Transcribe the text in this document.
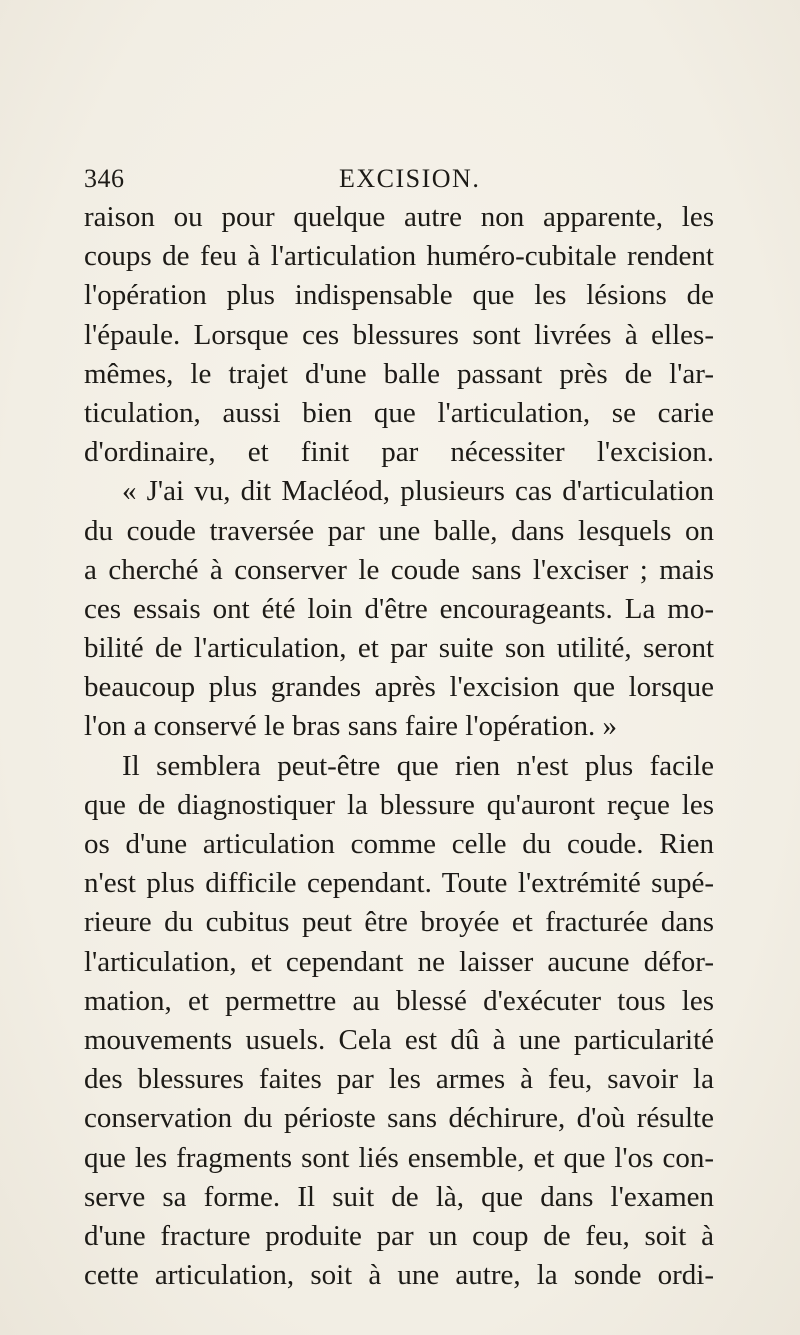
346	EXCISION.
raison ou pour quelque autre non apparente, les
coups de feu à l'articulation huméro-cubitale rendent
l'opération plus indispensable que les lésions de
l'épaule. Lorsque ces blessures sont livrées à elles-
mêmes, le trajet d'une balle passant près de l'ar-
ticulation, aussi bien que l'articulation, se carie
d'ordinaire, et finit par nécessiter l'excision.
« J'ai vu, dit Macléod, plusieurs cas d'articulation
du coude traversée par une balle, dans lesquels on
a cherché à conserver le coude sans l'exciser ; mais
ces essais ont été loin d'être encourageants. La mo-
bilité de l'articulation, et par suite son utilité, seront
beaucoup plus grandes après l'excision que lorsque
l'on a conservé le bras sans faire l'opération. »
Il semblera peut-être que rien n'est plus facile
que de diagnostiquer la blessure qu'auront reçue les
os d'une articulation comme celle du coude. Rien
n'est plus difficile cependant. Toute l'extrémité supé-
rieure du cubitus peut être broyée et fracturée dans
l'articulation, et cependant ne laisser aucune défor-
mation, et permettre au blessé d'exécuter tous les
mouvements usuels. Cela est dû à une particularité
des blessures faites par les armes à feu, savoir la
conservation du périoste sans déchirure, d'où résulte
que les fragments sont liés ensemble, et que l'os con-
serve sa forme. Il suit de là, que dans l'examen
d'une fracture produite par un coup de feu, soit à
cette articulation, soit à une autre, la sonde ordi-
